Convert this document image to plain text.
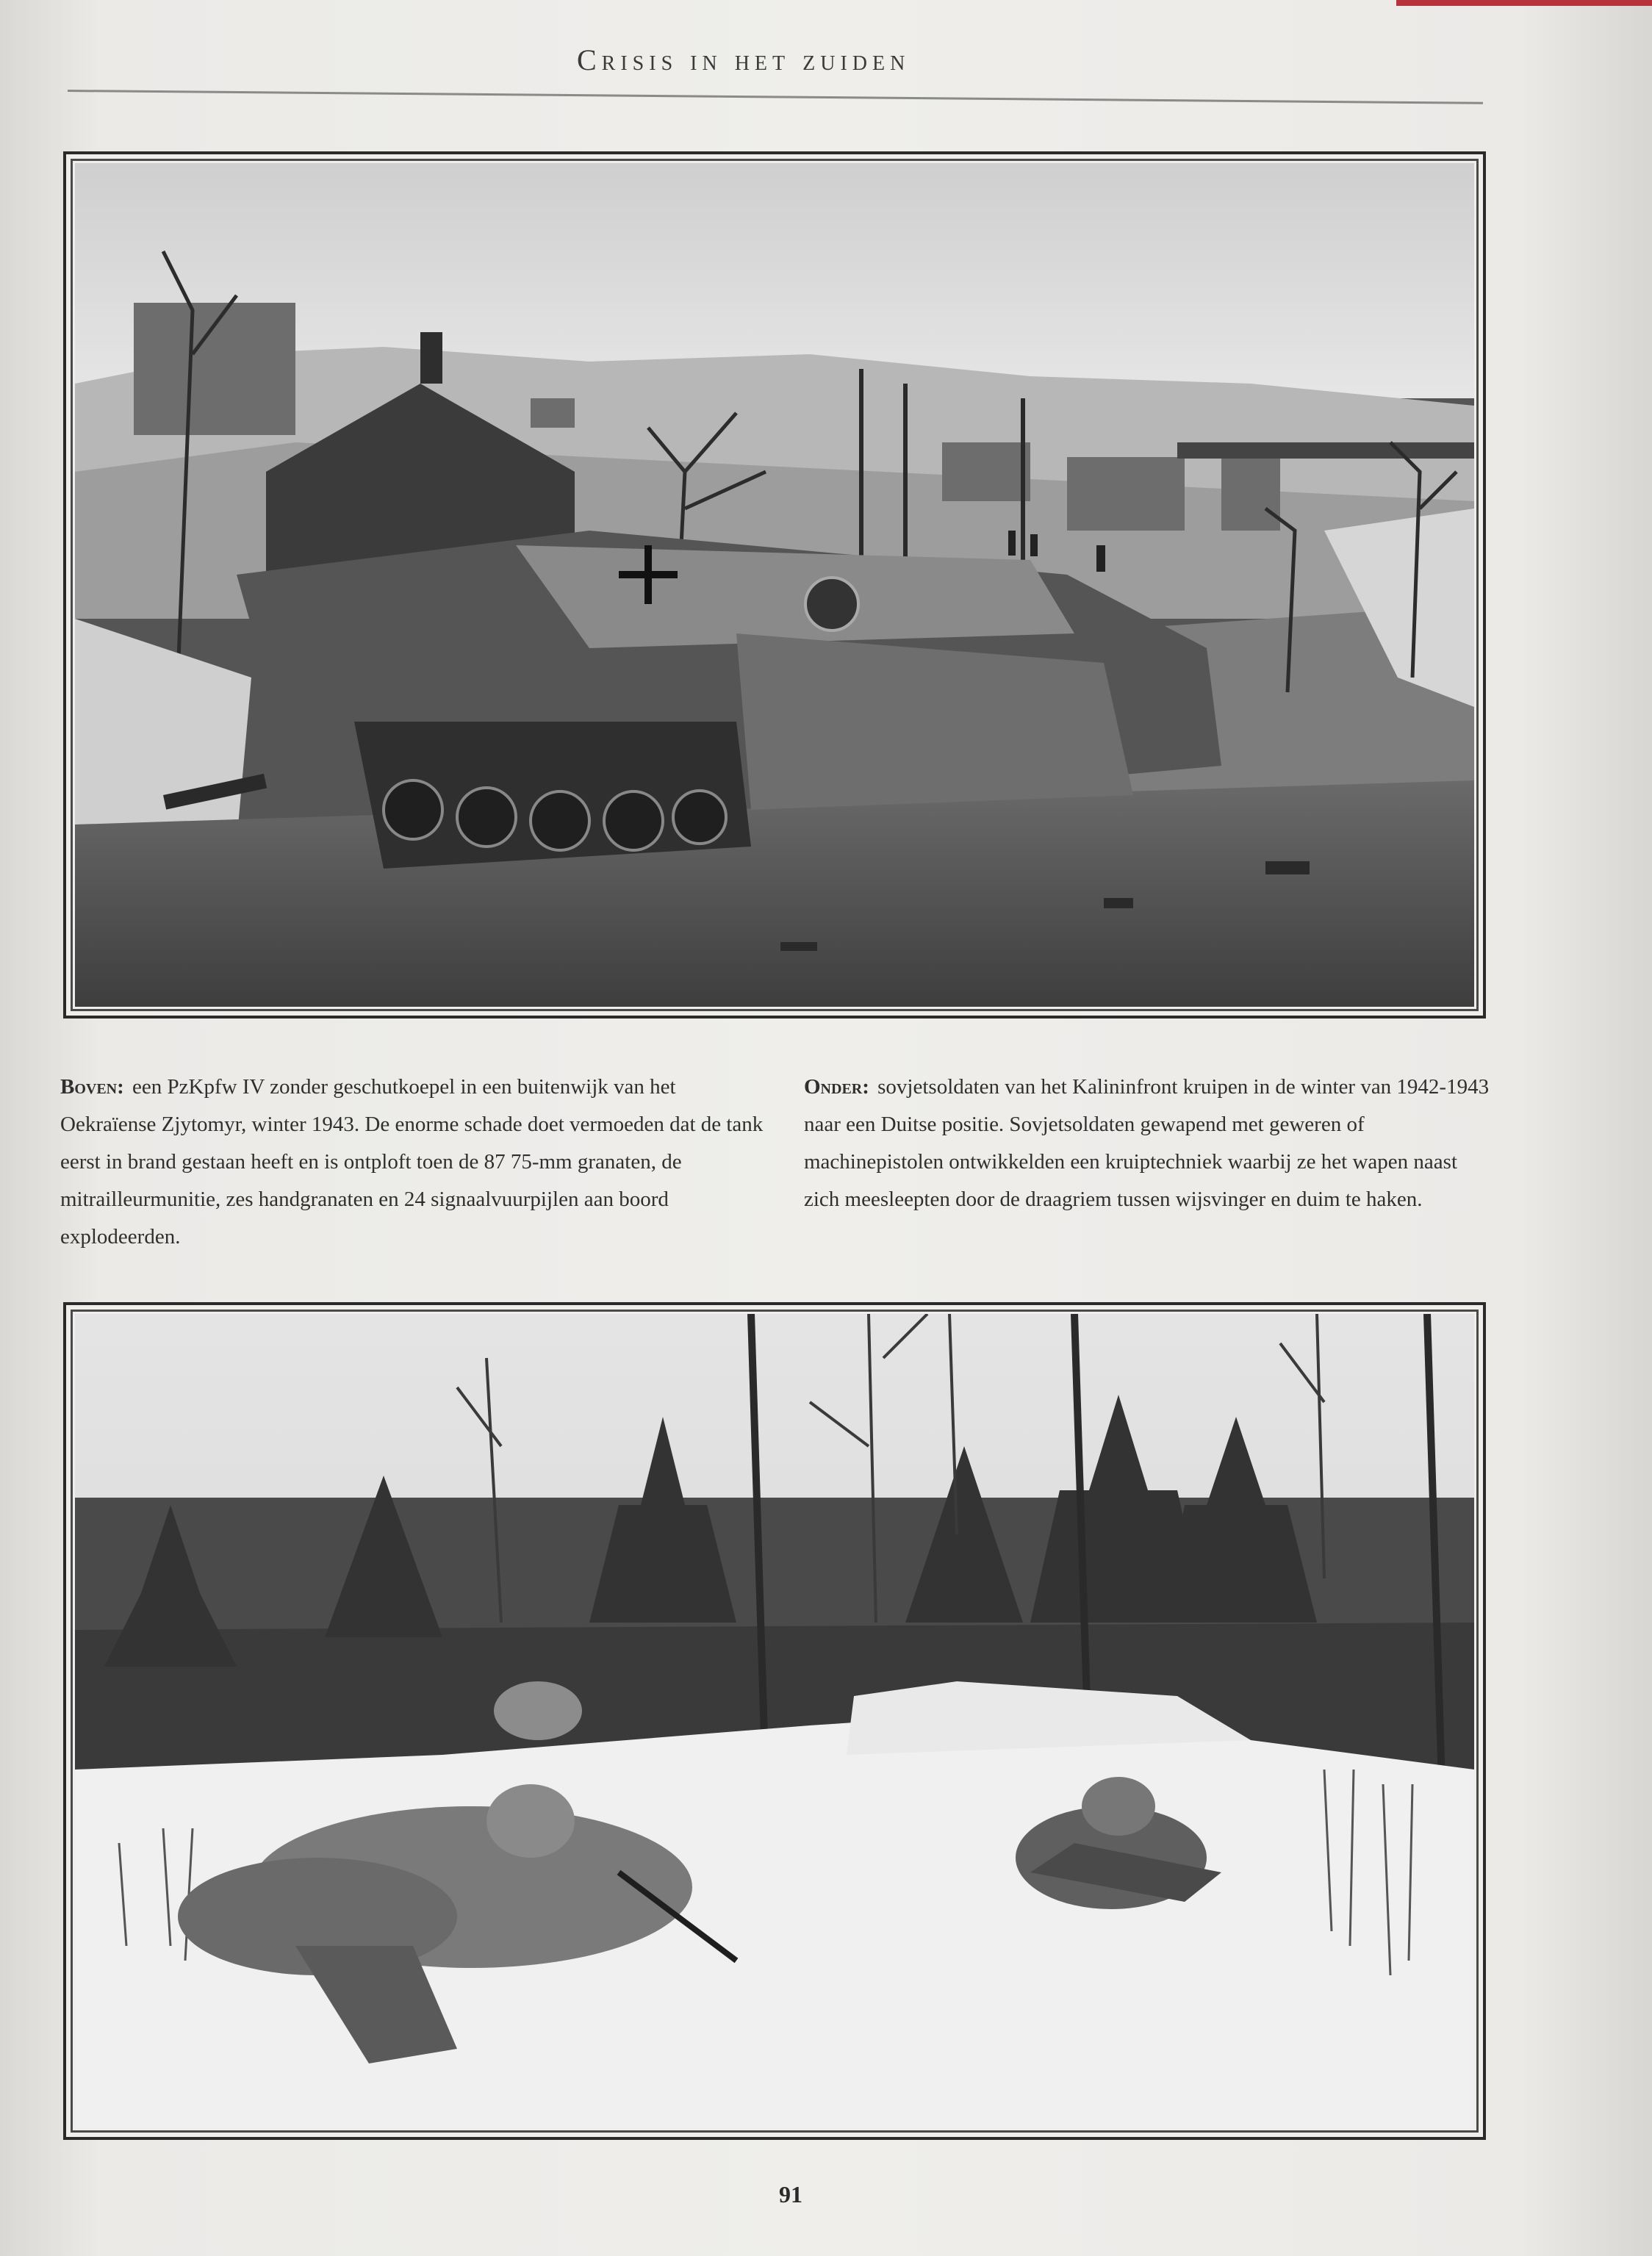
Crisis in het zuiden
Boven: een PzKpfw IV zonder geschutkoepel in een buitenwijk van het Oekraïense Zjytomyr, winter 1943. De enorme schade doet vermoeden dat de tank eerst in brand gestaan heeft en is ontploft toen de 87 75-mm granaten, de mitrailleurmunitie, zes handgranaten en 24 signaalvuurpijlen aan boord explodeerden.
Onder: sovjetsoldaten van het Kalininfront kruipen in de winter van 1942-1943 naar een Duitse positie. Sovjetsoldaten gewapend met geweren of machinepistolen ontwikkelden een kruiptechniek waarbij ze het wapen naast zich meesleepten door de draagriem tussen wijsvinger en duim te haken.
91
